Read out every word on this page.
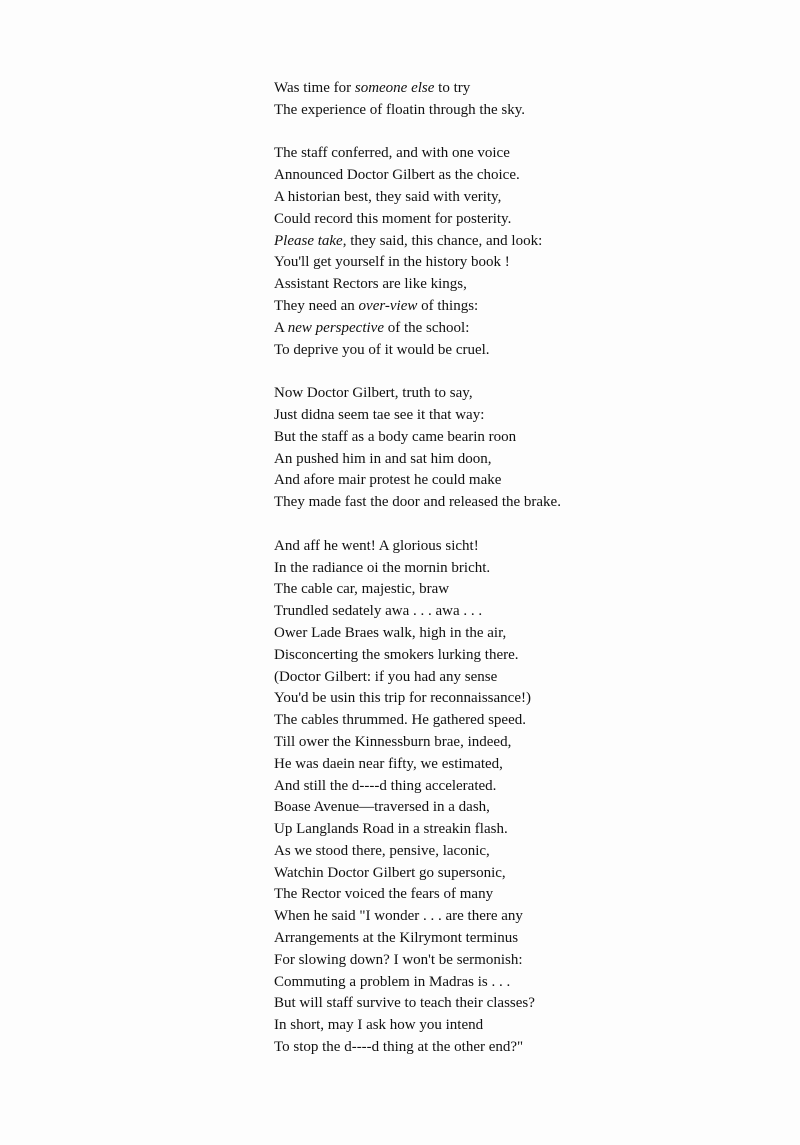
Was time for someone else to try
The experience of floatin through the sky.
The staff conferred, and with one voice
Announced Doctor Gilbert as the choice.
A historian best, they said with verity,
Could record this moment for posterity.
Please take, they said, this chance, and look:
You'll get yourself in the history book !
Assistant Rectors are like kings,
They need an over-view of things:
A new perspective of the school:
To deprive you of it would be cruel.
Now Doctor Gilbert, truth to say,
Just didna seem tae see it that way:
But the staff as a body came bearin roon
An pushed him in and sat him doon,
And afore mair protest he could make
They made fast the door and released the brake.
And aff he went! A glorious sicht!
In the radiance oi the mornin bricht.
The cable car, majestic, braw
Trundled sedately awa . . . awa . . .
Ower Lade Braes walk, high in the air,
Disconcerting the smokers lurking there.
(Doctor Gilbert: if you had any sense
You'd be usin this trip for reconnaissance!)
The cables thrummed. He gathered speed.
Till ower the Kinnessburn brae, indeed,
He was daein near fifty, we estimated,
And still the d----d thing accelerated.
Boase Avenue—traversed in a dash,
Up Langlands Road in a streakin flash.
As we stood there, pensive, laconic,
Watchin Doctor Gilbert go supersonic,
The Rector voiced the fears of many
When he said "I wonder . . . are there any
Arrangements at the Kilrymont terminus
For slowing down? I won't be sermonish:
Commuting a problem in Madras is . . .
But will staff survive to teach their classes?
In short, may I ask how you intend
To stop the d----d thing at the other end?"
